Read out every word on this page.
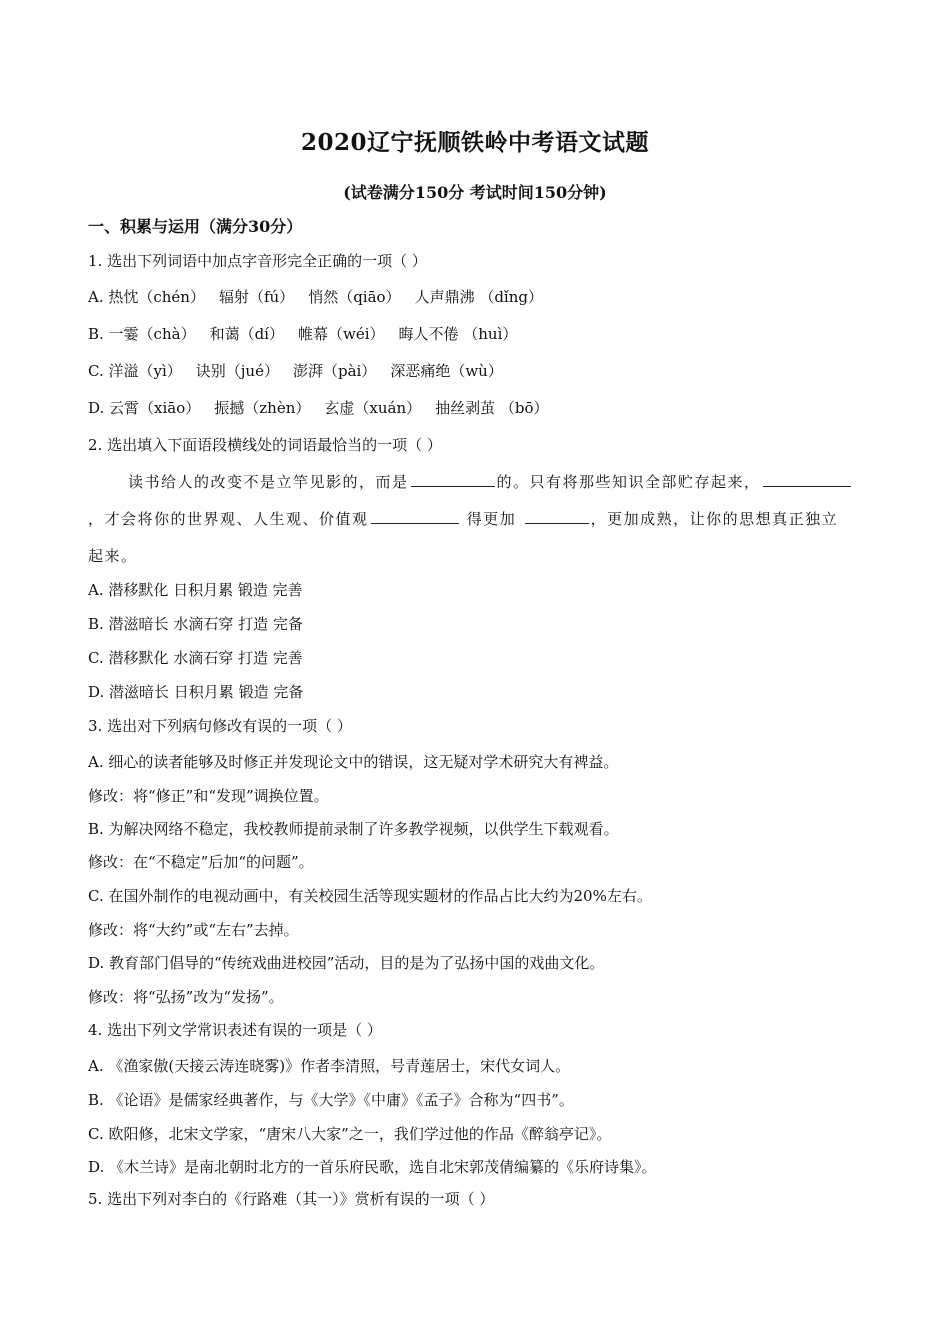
2020辽宁抚顺铁岭中考语文试题
(试卷满分150分 考试时间150分钟)
一、积累与运用（满分30分）
1. 选出下列词语中加点字音形完全正确的一项（ ）
A. 热忱（chén） 辐射（fú） 悄然（qiāo） 人声鼎沸 （dǐng）
B. 一霎（chà） 和蔼（dí） 帷幕（wéi） 晦人不倦 （huì）
C. 洋溢（yì） 诀别（jué） 澎湃（pài） 深恶痛绝（wù）
D. 云霄（xiāo） 振撼（zhèn） 玄虚（xuán） 抽丝剥茧 （bō）
2. 选出填入下面语段横线处的词语最恰当的一项（ ）
读书给人的改变不是立竿见影的，而是	的。只有将那些知识全部贮存起来，
，才会将你的世界观、人生观、价值观	得更加	，更加成熟，让你的思想真正独立
起来。
A. 潜移默化 日积月累 锻造 完善
B. 潜滋暗长 水滴石穿 打造 完备
C. 潜移默化 水滴石穿 打造 完善
D. 潜滋暗长 日积月累 锻造 完备
3. 选出对下列病句修改有误的一项（ ）
A. 细心的读者能够及时修正并发现论文中的错误，这无疑对学术研究大有裨益。
修改：将“修正”和“发现”调换位置。
B. 为解决网络不稳定，我校教师提前录制了许多教学视频，以供学生下载观看。
修改：在“不稳定”后加“的问题”。
C. 在国外制作的电视动画中，有关校园生活等现实题材的作品占比大约为20%左右。
修改：将“大约”或“左右”去掉。
D. 教育部门倡导的“传统戏曲进校园”活动，目的是为了弘扬中国的戏曲文化。
修改：将“弘扬”改为“发扬”。
4. 选出下列文学常识表述有误的一项是（ ）
A. 《渔家傲(天接云涛连晓雾)》作者李清照，号青莲居士，宋代女词人。
B. 《论语》是儒家经典著作，与《大学》《中庸》《孟子》合称为“四书”。
C. 欧阳修，北宋文学家，“唐宋八大家”之一，我们学过他的作品《醉翁亭记》。
D. 《木兰诗》是南北朝时北方的一首乐府民歌，选自北宋郭茂倩编纂的《乐府诗集》。
5. 选出下列对李白的《行路难（其一）》赏析有误的一项（ ）
